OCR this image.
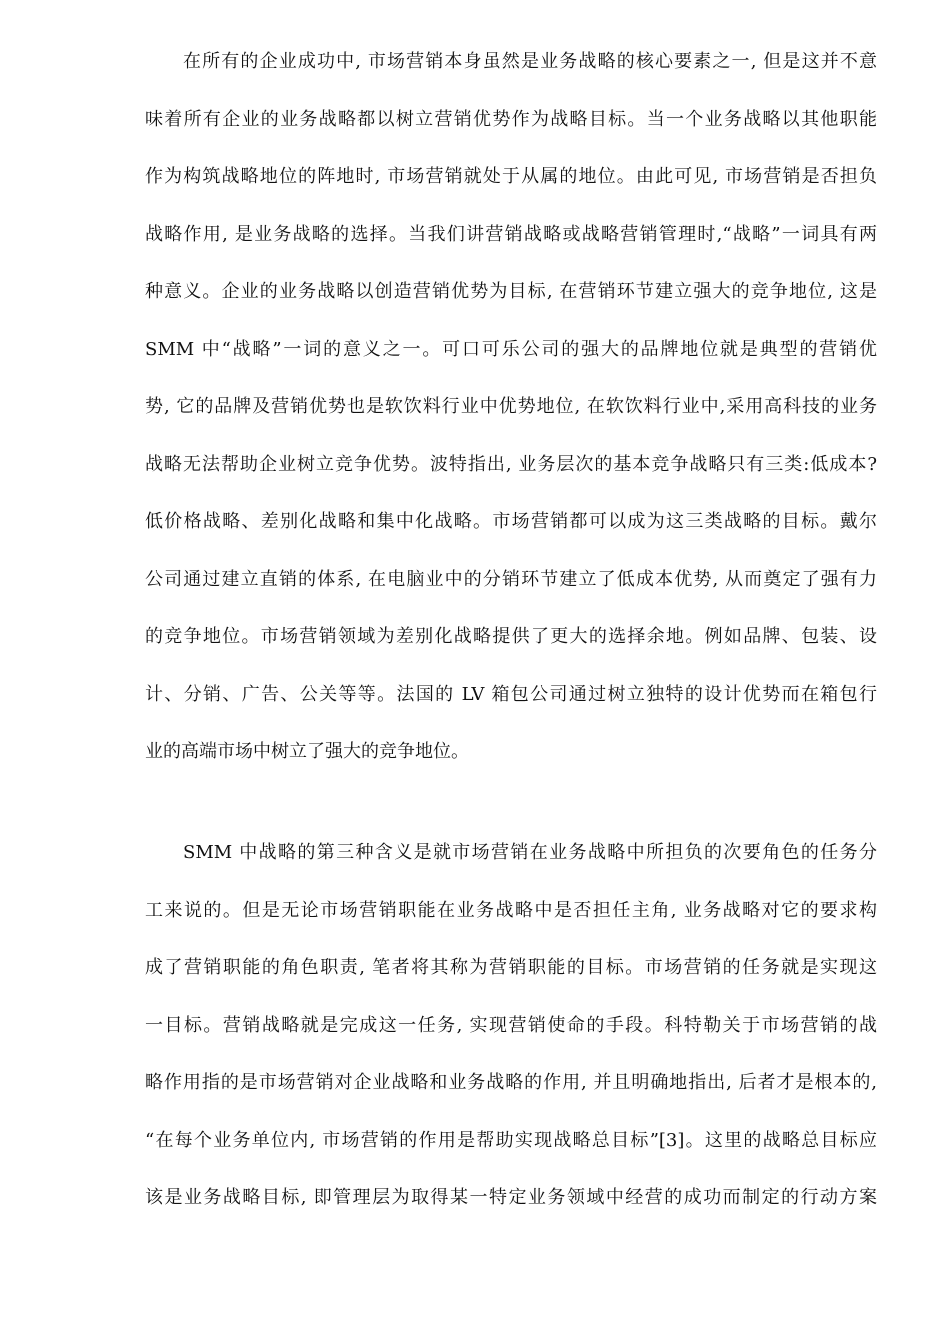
在所有的企业成功中, 市场营销本身虽然是业务战略的核心要素之一, 但是这并不意
味着所有企业的业务战略都以树立营销优势作为战略目标。当一个业务战略以其他职能
作为构筑战略地位的阵地时, 市场营销就处于从属的地位。由此可见, 市场营销是否担负
战略作用, 是业务战略的选择。当我们讲营销战略或战略营销管理时,“战略”一词具有两
种意义。企业的业务战略以创造营销优势为目标, 在营销环节建立强大的竞争地位, 这是
SMM 中“战略”一词的意义之一。可口可乐公司的强大的品牌地位就是典型的营销优
势, 它的品牌及营销优势也是软饮料行业中优势地位, 在软饮料行业中,采用高科技的业务
战略无法帮助企业树立竞争优势。波特指出, 业务层次的基本竞争战略只有三类:低成本?
低价格战略、差别化战略和集中化战略。市场营销都可以成为这三类战略的目标。戴尔
公司通过建立直销的体系, 在电脑业中的分销环节建立了低成本优势, 从而奠定了强有力
的竞争地位。市场营销领域为差别化战略提供了更大的选择余地。例如品牌、包装、设
计、分销、广告、公关等等。法国的 LV 箱包公司通过树立独特的设计优势而在箱包行
业的高端市场中树立了强大的竞争地位。
SMM 中战略的第三种含义是就市场营销在业务战略中所担负的次要角色的任务分
工来说的。但是无论市场营销职能在业务战略中是否担任主角, 业务战略对它的要求构
成了营销职能的角色职责, 笔者将其称为营销职能的目标。市场营销的任务就是实现这
一目标。营销战略就是完成这一任务, 实现营销使命的手段。科特勒关于市场营销的战
略作用指的是市场营销对企业战略和业务战略的作用, 并且明确地指出, 后者才是根本的,
“在每个业务单位内, 市场营销的作用是帮助实现战略总目标”[3]。这里的战略总目标应
该是业务战略目标, 即管理层为取得某一特定业务领域中经营的成功而制定的行动方案
